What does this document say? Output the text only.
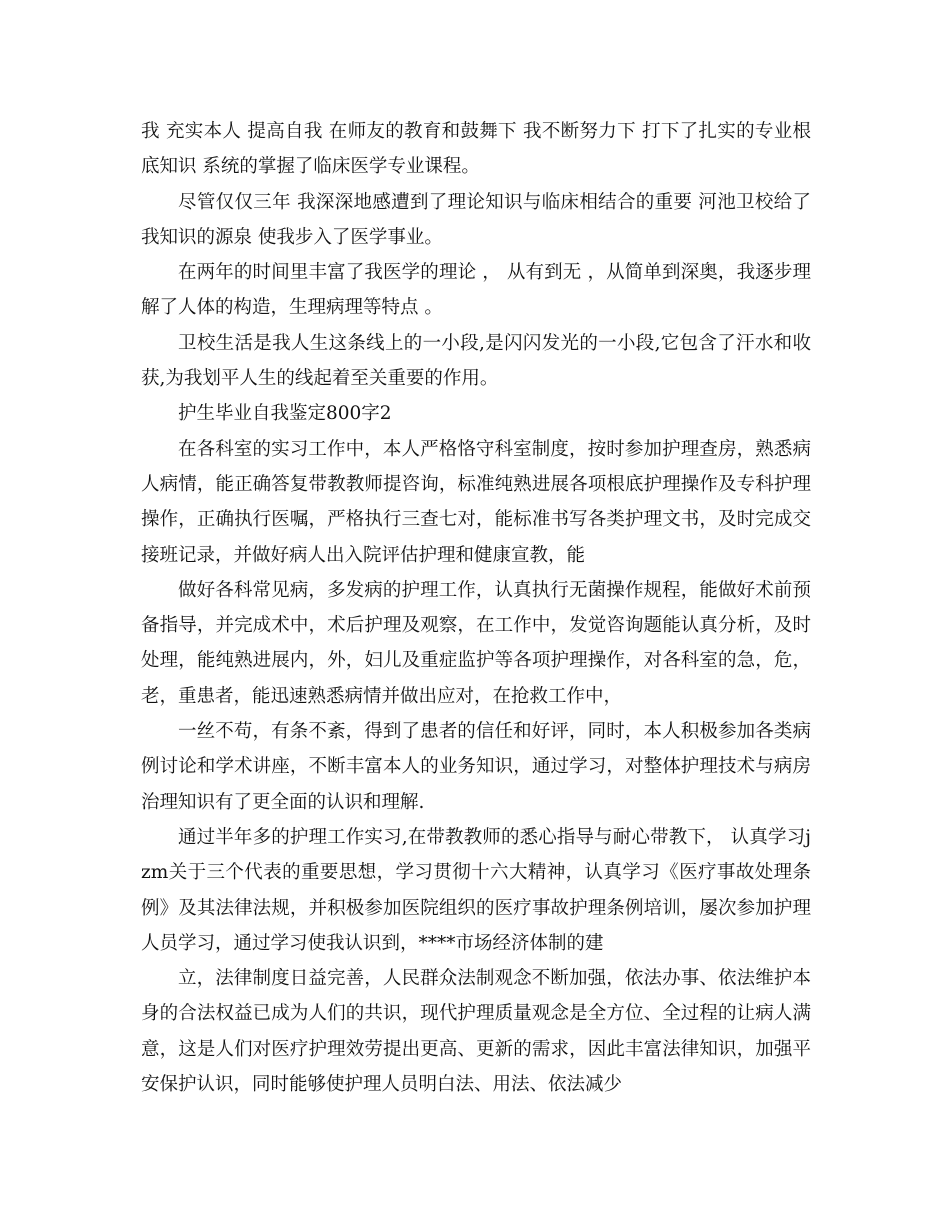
我 充实本人 提高自我 在师友的教育和鼓舞下 我不断努力下 打下了扎实的专业根底知识 系统的掌握了临床医学专业课程。

尽管仅仅三年 我深深地感遭到了理论知识与临床相结合的重要 河池卫校给了我知识的源泉 使我步入了医学事业。

在两年的时间里丰富了我医学的理论 ， 从有到无 ，从简单到深奥，我逐步理解了人体的构造，生理病理等特点 。

卫校生活是我人生这条线上的一小段,是闪闪发光的一小段,它包含了汗水和收获,为我划平人生的线起着至关重要的作用。

护生毕业自我鉴定800字2

在各科室的实习工作中，本人严格恪守科室制度，按时参加护理查房，熟悉病人病情，能正确答复带教教师提咨询，标准纯熟进展各项根底护理操作及专科护理操作，正确执行医嘱，严格执行三查七对，能标准书写各类护理文书，及时完成交接班记录，并做好病人出入院评估护理和健康宣教，能

做好各科常见病，多发病的护理工作，认真执行无菌操作规程，能做好术前预备指导，并完成术中，术后护理及观察，在工作中，发觉咨询题能认真分析，及时处理，能纯熟进展内，外，妇儿及重症监护等各项护理操作，对各科室的急，危，老，重患者，能迅速熟悉病情并做出应对，在抢救工作中，

一丝不苟，有条不紊，得到了患者的信任和好评，同时，本人积极参加各类病例讨论和学术讲座，不断丰富本人的业务知识，通过学习，对整体护理技术与病房治理知识有了更全面的认识和理解.

通过半年多的护理工作实习,在带教教师的悉心指导与耐心带教下， 认真学习jzm关于三个代表的重要思想，学习贯彻十六大精神，认真学习《医疗事故处理条例》及其法律法规，并积极参加医院组织的医疗事故护理条例培训，屡次参加护理人员学习，通过学习使我认识到，****市场经济体制的建

立，法律制度日益完善，人民群众法制观念不断加强，依法办事、依法维护本身的合法权益已成为人们的共识，现代护理质量观念是全方位、全过程的让病人满意，这是人们对医疗护理效劳提出更高、更新的需求，因此丰富法律知识，加强平安保护认识，同时能够使护理人员明白法、用法、依法减少
